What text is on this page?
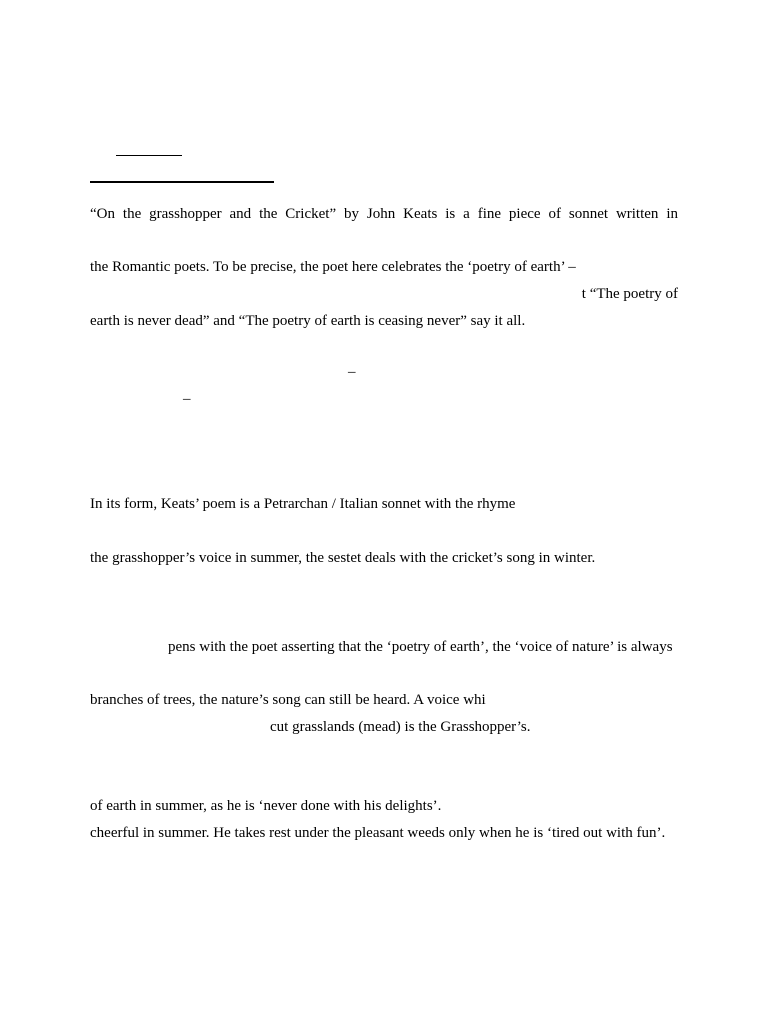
“On the grasshopper and the Cricket” by John Keats is a fine piece of sonnet written in
the Romantic poets. To be precise, the poet here celebrates the ‘poetry of earth’ –
t “The poetry of
earth is never dead” and “The poetry of earth is ceasing never” say it all.
–
–
In its form, Keats’ poem is a Petrarchan / Italian sonnet with the rhyme
the grasshopper’s voice in summer, the sestet deals with the cricket’s song in winter.
pens with the poet asserting that the ‘poetry of earth’, the ‘voice of nature’ is always
branches of trees, the nature’s song can still be heard. A voice whi
cut grasslands (mead) is the Grasshopper’s.
of earth in summer, as he is ‘never done with his delights’.
cheerful in summer. He takes rest under the pleasant weeds only when he is ‘tired out with fun’.
